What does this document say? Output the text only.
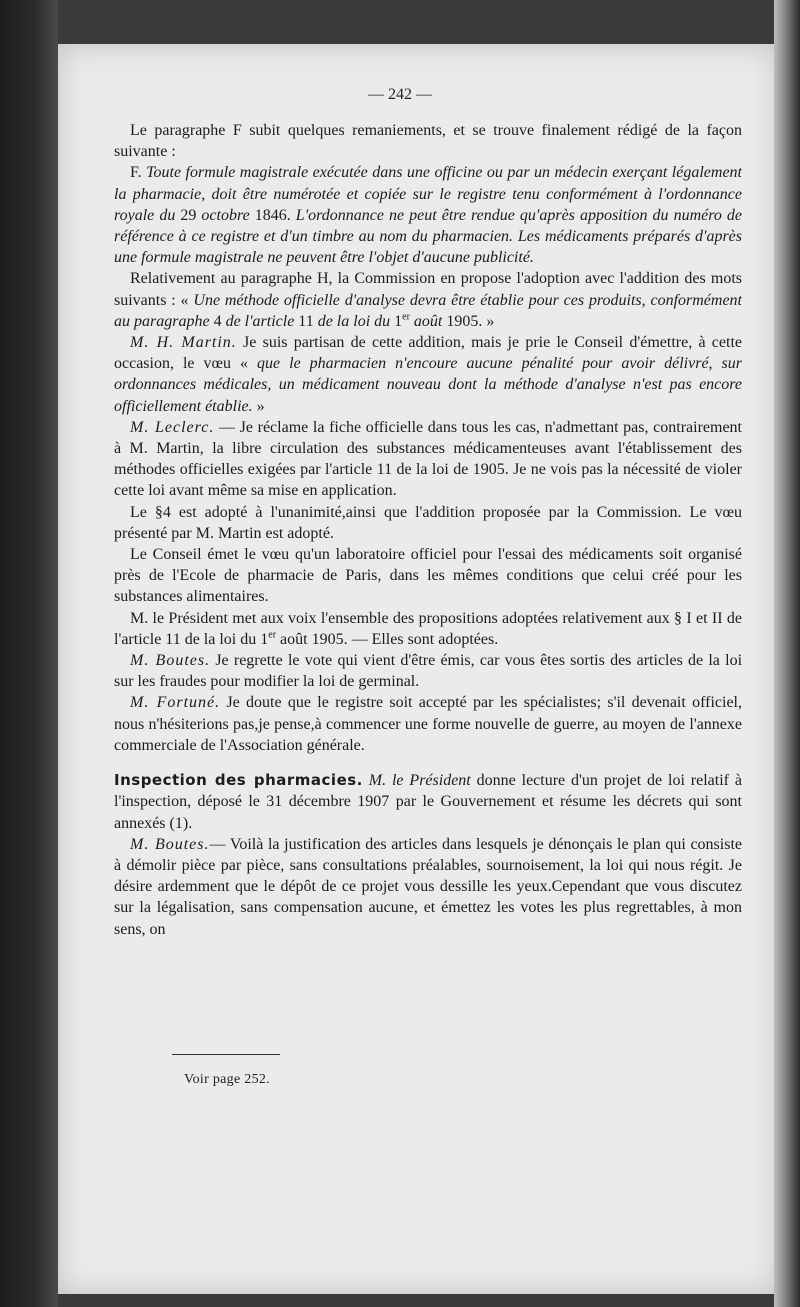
— 242 —

Le paragraphe F subit quelques remaniements, et se trouve finalement rédigé de la façon suivante :

F. Toute formule magistrale exécutée dans une officine ou par un médecin exerçant légalement la pharmacie, doit être numérotée et copiée sur le registre tenu conformément à l'ordonnance royale du 29 octobre 1846. L'ordonnance ne peut être rendue qu'après apposition du numéro de référence à ce registre et d'un timbre au nom du pharmacien. Les médicaments préparés d'après une formule magistrale ne peuvent être l'objet d'aucune publicité.

Relativement au paragraphe H, la Commission en propose l'adoption avec l'addition des mots suivants : « Une méthode officielle d'analyse devra être établie pour ces produits, conformément au paragraphe 4 de l'article 11 de la loi du 1er août 1905. »

M. H. Martin. Je suis partisan de cette addition, mais je prie le Conseil d'émettre, à cette occasion, le vœu « que le pharmacien n'encoure aucune pénalité pour avoir délivré, sur ordonnances médicales, un médicament nouveau dont la méthode d'analyse n'est pas encore officiellement établie. »

M. Leclerc. — Je réclame la fiche officielle dans tous les cas, n'admettant pas, contrairement à M. Martin, la libre circulation des substances médicamenteuses avant l'établissement des méthodes officielles exigées par l'article 11 de la loi de 1905. Je ne vois pas la nécessité de violer cette loi avant même sa mise en application.

Le §4 est adopté à l'unanimité,ainsi que l'addition proposée par la Commission. Le vœu présenté par M. Martin est adopté.

Le Conseil émet le vœu qu'un laboratoire officiel pour l'essai des médicaments soit organisé près de l'Ecole de pharmacie de Paris, dans les mêmes conditions que celui créé pour les substances alimentaires.

M. le Président met aux voix l'ensemble des propositions adoptées relativement aux § I et II de l'article 11 de la loi du 1er août 1905. — Elles sont adoptées.

M. Boutes. Je regrette le vote qui vient d'être émis, car vous êtes sortis des articles de la loi sur les fraudes pour modifier la loi de germinal.

M. Fortuné. Je doute que le registre soit accepté par les spécialistes; s'il devenait officiel, nous n'hésiterions pas,je pense,à commencer une forme nouvelle de guerre, au moyen de l'annexe commerciale de l'Association générale.

Inspection des pharmacies. M. le Président donne lecture d'un projet de loi relatif à l'inspection, déposé le 31 décembre 1907 par le Gouvernement et résume les décrets qui sont annexés (1).

M. Boutes.— Voilà la justification des articles dans lesquels je dénonçais le plan qui consiste à démolir pièce par pièce, sans consultations préalables, sournoisement, la loi qui nous régit. Je désire ardemment que le dépôt de ce projet vous dessille les yeux.Cependant que vous discutez sur la légalisation, sans compensation aucune, et émettez les votes les plus regrettables, à mon sens, on

Voir page 252.
